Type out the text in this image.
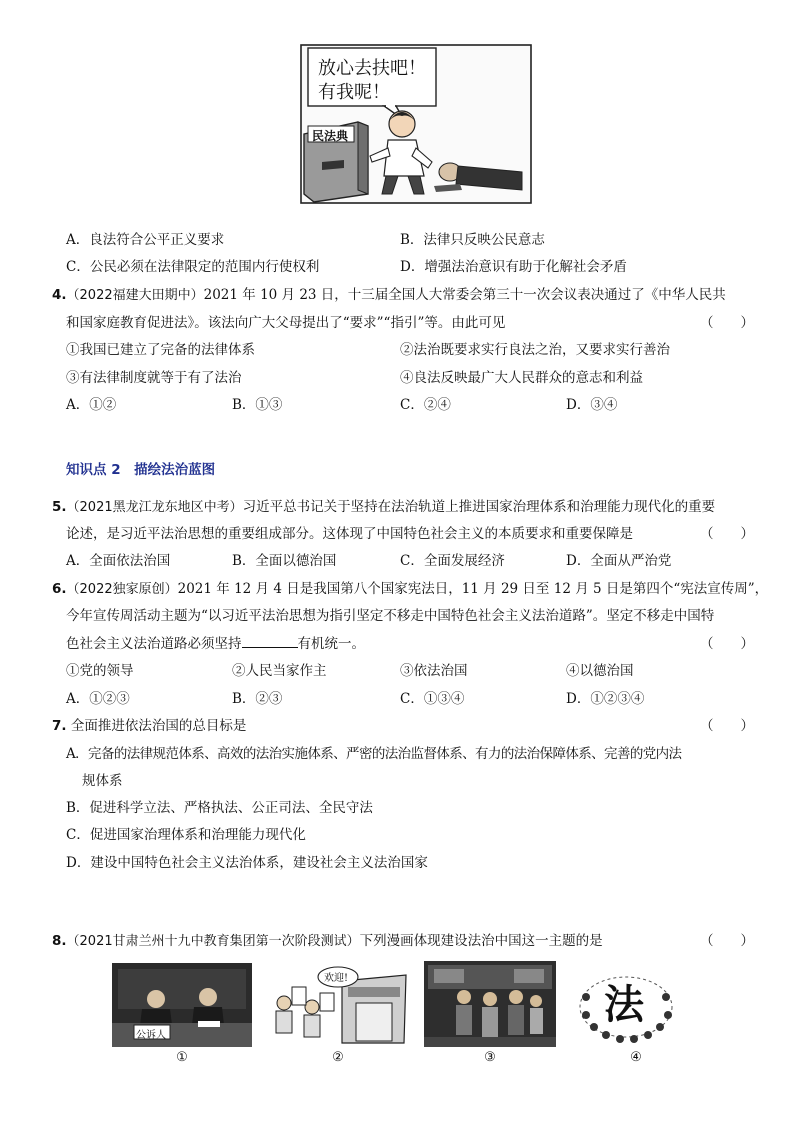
放心去扶吧！
有我呢！
民法典
A．良法符合公平正义要求	B．法律只反映公民意志
C．公民必须在法律限定的范围内行使权利	D．增强法治意识有助于化解社会矛盾
4.（2022福建大田期中）2021 年 10 月 23 日，十三届全国人大常委会第三十一次会议表决通过了《中华人民共
和国家庭教育促进法》。该法向广大父母提出了“要求”“指引”等。由此可见	（　　）
①我国已建立了完备的法律体系	②法治既要求实行良法之治，又要求实行善治
③有法律制度就等于有了法治	④良法反映最广大人民群众的意志和利益
A．①②	B．①③	C．②④	D．③④
知识点 2　描绘法治蓝图
5.（2021黑龙江龙东地区中考）习近平总书记关于坚持在法治轨道上推进国家治理体系和治理能力现代化的重要
论述，是习近平法治思想的重要组成部分。这体现了中国特色社会主义的本质要求和重要保障是	（　　）
A．全面依法治国	B．全面以德治国	C．全面发展经济	D．全面从严治党
6.（2022独家原创）2021 年 12 月 4 日是我国第八个国家宪法日，11 月 29 日至 12 月 5 日是第四个“宪法宣传周”，
今年宣传周活动主题为“以习近平法治思想为指引坚定不移走中国特色社会主义法治道路”。坚定不移走中国特
色社会主义法治道路必须坚持	有机统一。	（　　）
①党的领导	②人民当家作主	③依法治国	④以德治国
A．①②③	B．②③	C．①③④	D．①②③④
7. 全面推进依法治国的总目标是	（　　）
A．完备的法律规范体系、高效的法治实施体系、严密的法治监督体系、有力的法治保障体系、完善的党内法
规体系
B．促进科学立法、严格执法、公正司法、全民守法
C．促进国家治理体系和治理能力现代化
D．建设中国特色社会主义法治体系，建设社会主义法治国家
8.（2021甘肃兰州十九中教育集团第一次阶段测试）下列漫画体现建设法治中国这一主题的是	（　　）
公诉人
欢迎!
法
①	②	③	④
